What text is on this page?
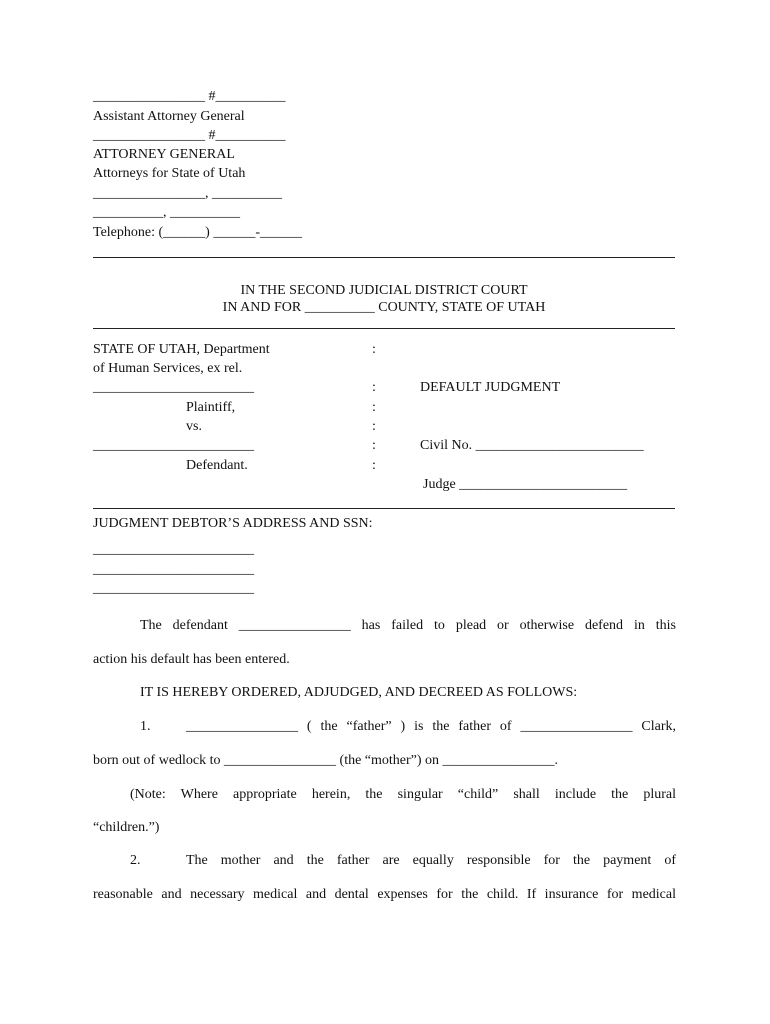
________________ #__________
Assistant Attorney General
________________ #__________
ATTORNEY GENERAL
Attorneys for State of Utah
________________, __________
__________, __________
Telephone: (______) ______-______
IN THE SECOND JUDICIAL DISTRICT COURT
IN AND FOR __________ COUNTY, STATE OF UTAH
STATE OF UTAH, Department
of Human Services, ex rel.
_______________________
Plaintiff,
vs.
_______________________
Defendant.
:
:
:
:
:
:
DEFAULT JUDGMENT
Civil No. ________________________
Judge ________________________
JUDGMENT DEBTOR’S ADDRESS AND SSN:
_______________________
_______________________
_______________________
The defendant ________________ has failed to plead or otherwise defend in this
action his default has been entered.
IT IS HEREBY ORDERED, ADJUDGED, AND DECREED AS FOLLOWS:
1.	________________ ( the “father” ) is the father of ________________ Clark,
born out of wedlock to ________________ (the “mother”) on ________________.
(Note: Where appropriate herein, the singular “child” shall include the plural
“children.”)
2.	The mother and the father are equally responsible for the payment of
reasonable and necessary medical and dental expenses for the child. If insurance for medical
